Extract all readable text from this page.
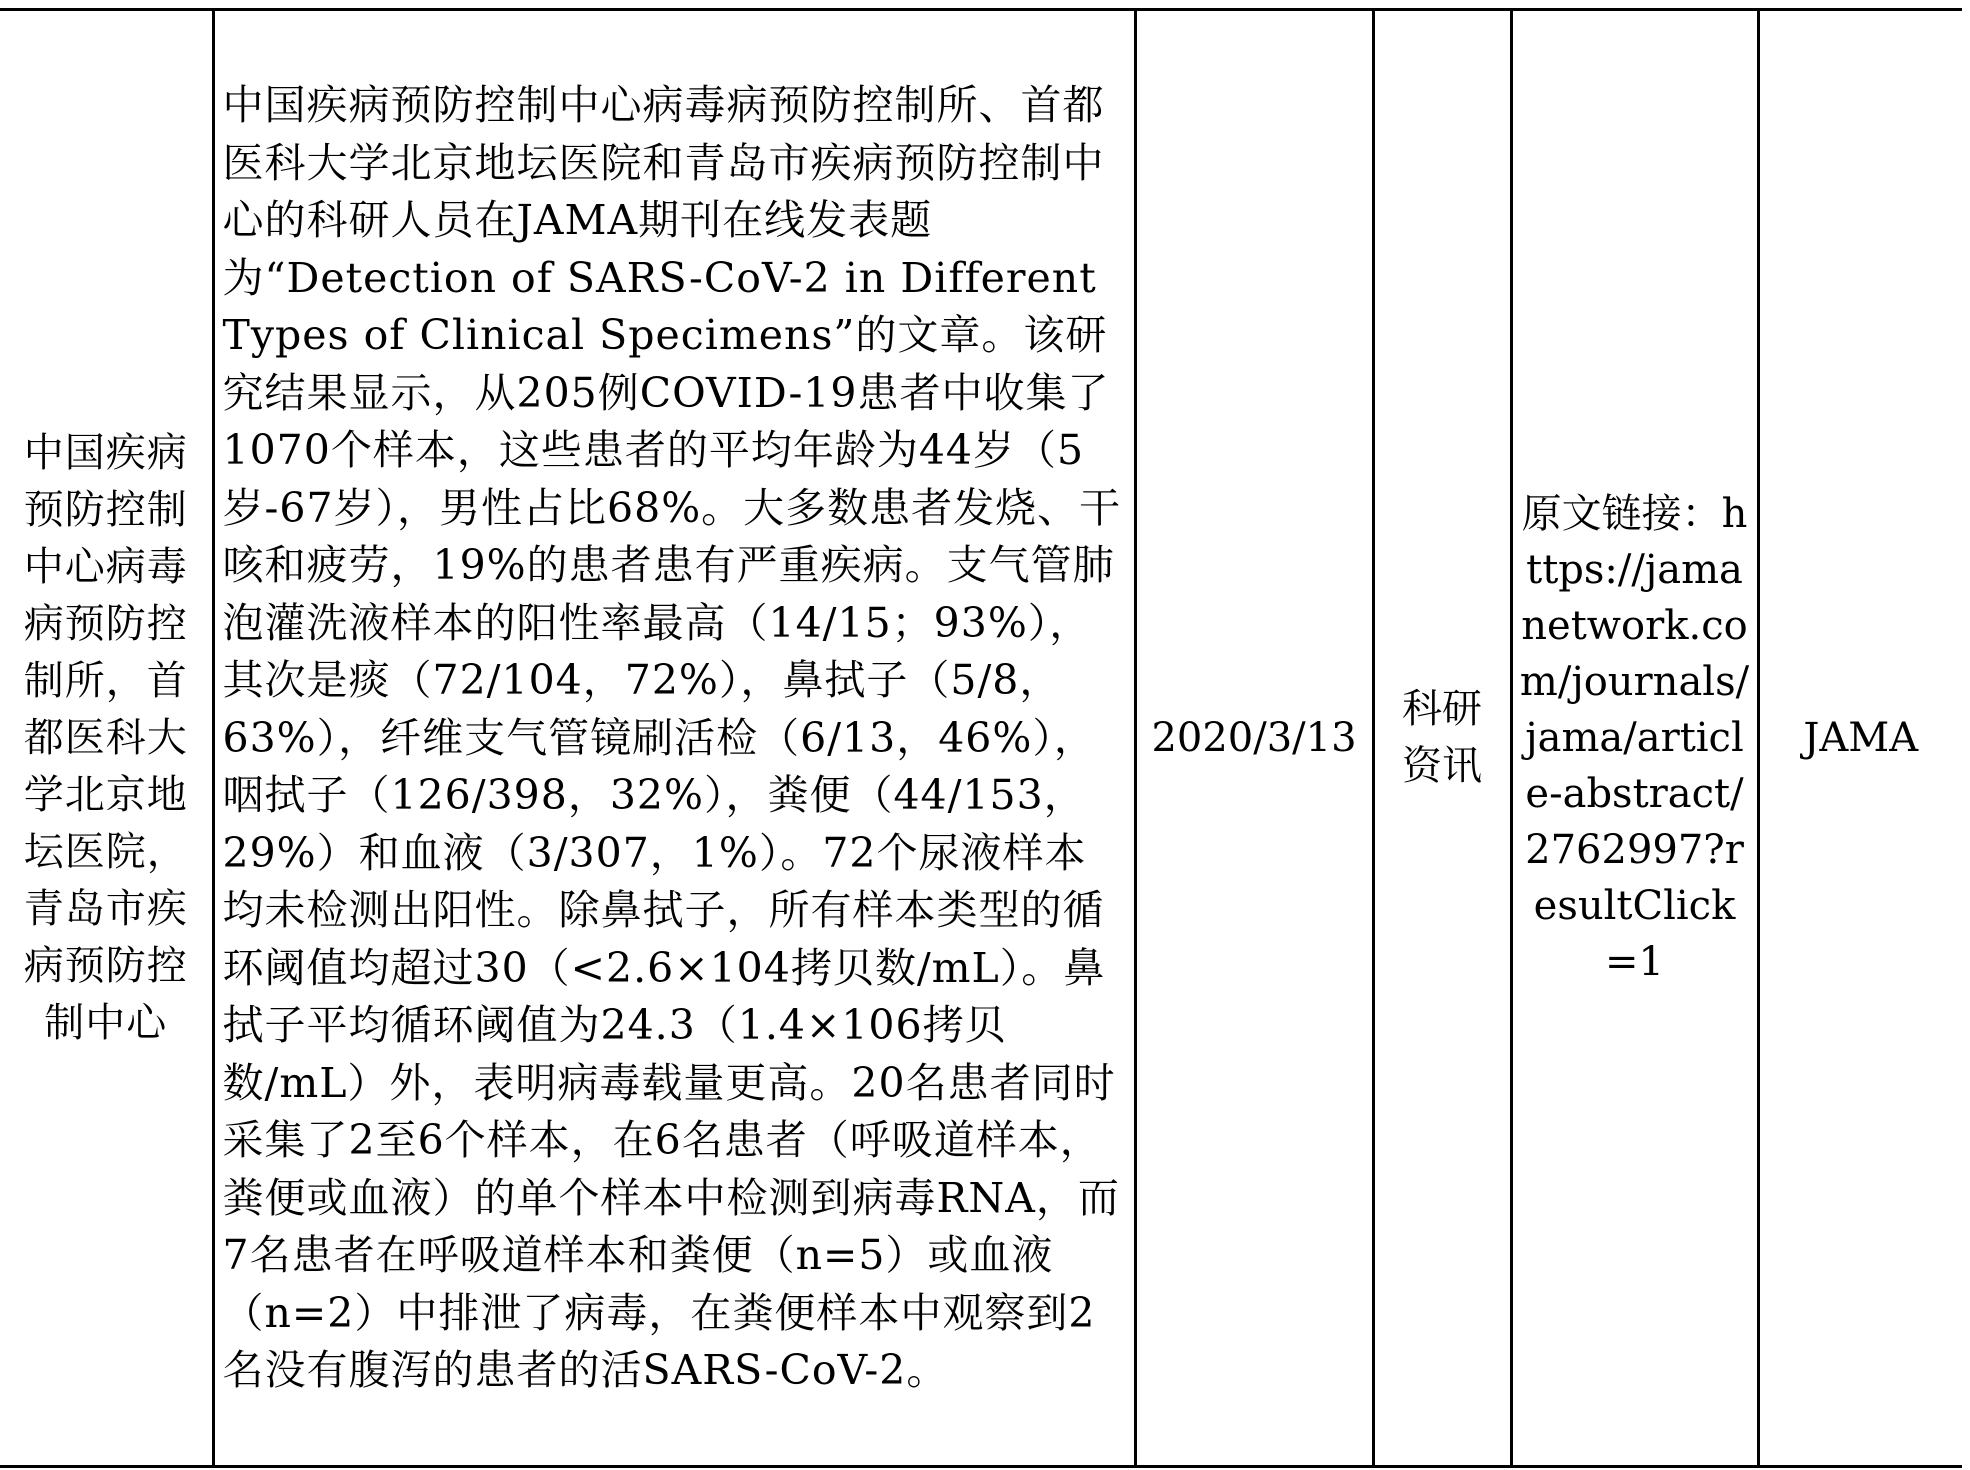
中国疾病预防控制中心病毒病预防控制所，首都医科大学北京地坛医院，青岛市疾病预防控制中心	中国疾病预防控制中心病毒病预防控制所、首都医科大学北京地坛医院和青岛市疾病预防控制中心的科研人员在JAMA期刊在线发表题为“Detection of SARS-CoV-2 in Different Types of Clinical Specimens”的文章。该研究结果显示，从205例COVID-19患者中收集了1070个样本，这些患者的平均年龄为44岁（5岁-67岁），男性占比68%。大多数患者发烧、干咳和疲劳，19%的患者患有严重疾病。支气管肺泡灌洗液样本的阳性率最高（14/15；93%），其次是痰（72/104，72%），鼻拭子（5/8，63%），纤维支气管镜刷活检（6/13，46%），咽拭子（126/398，32%），粪便（44/153，29%）和血液（3/307，1%）。72个尿液样本均未检测出阳性。除鼻拭子，所有样本类型的循环阈值均超过30（<2.6×104拷贝数/mL）。鼻拭子平均循环阈值为24.3（1.4×106拷贝数/mL）外，表明病毒载量更高。20名患者同时采集了2至6个样本，在6名患者（呼吸道样本，粪便或血液）的单个样本中检测到病毒RNA，而7名患者在呼吸道样本和粪便（n=5）或血液（n=2）中排泄了病毒，在粪便样本中观察到2名没有腹泻的患者的活SARS-CoV-2。	2020/3/13	科研资讯	原文链接：https://jamanetwork.com/journals/jama/article-abstract/2762997?resultClick=1	JAMA
